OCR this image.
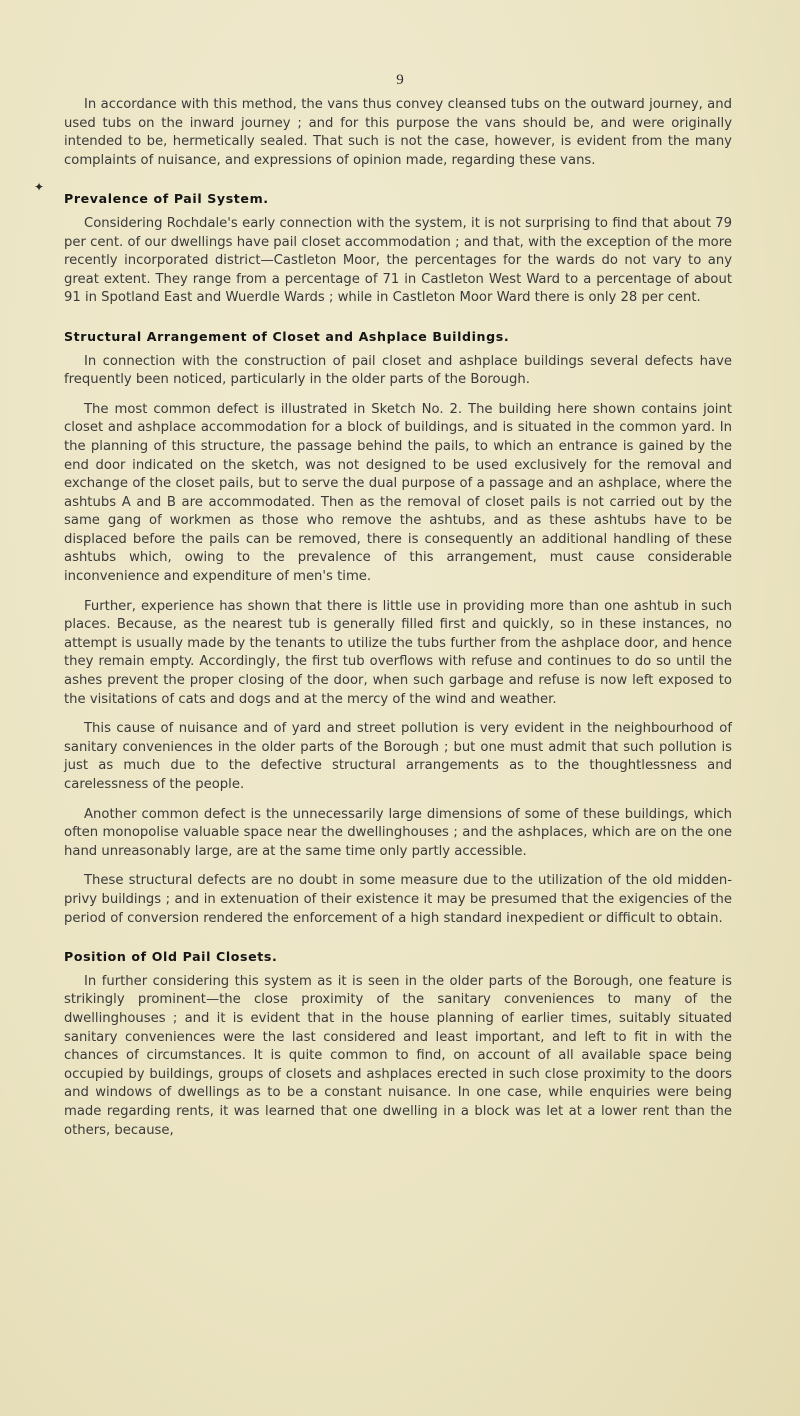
9
✦

In accordance with this method, the vans thus convey cleansed tubs on the outward journey, and used tubs on the inward journey ; and for this purpose the vans should be, and were originally intended to be, hermetically sealed. That such is not the case, however, is evident from the many complaints of nuisance, and expressions of opinion made, regarding these vans.

Prevalence of Pail System.

Considering Rochdale's early connection with the system, it is not surprising to find that about 79 per cent. of our dwellings have pail closet accommodation ; and that, with the exception of the more recently incorporated district—Castleton Moor, the percentages for the wards do not vary to any great extent. They range from a percentage of 71 in Castleton West Ward to a percentage of about 91 in Spotland East and Wuerdle Wards ; while in Castleton Moor Ward there is only 28 per cent.

Structural Arrangement of Closet and Ashplace Buildings.

In connection with the construction of pail closet and ashplace buildings several defects have frequently been noticed, particularly in the older parts of the Borough.

The most common defect is illustrated in Sketch No. 2. The building here shown contains joint closet and ashplace accommodation for a block of buildings, and is situated in the common yard. In the planning of this structure, the passage behind the pails, to which an entrance is gained by the end door indicated on the sketch, was not designed to be used exclusively for the removal and exchange of the closet pails, but to serve the dual purpose of a passage and an ashplace, where the ashtubs A and B are accommodated. Then as the removal of closet pails is not carried out by the same gang of workmen as those who remove the ashtubs, and as these ashtubs have to be displaced before the pails can be removed, there is consequently an additional handling of these ashtubs which, owing to the prevalence of this arrangement, must cause considerable inconvenience and expenditure of men's time.

Further, experience has shown that there is little use in providing more than one ashtub in such places. Because, as the nearest tub is generally filled first and quickly, so in these instances, no attempt is usually made by the tenants to utilize the tubs further from the ashplace door, and hence they remain empty. Accordingly, the first tub overflows with refuse and continues to do so until the ashes prevent the proper closing of the door, when such garbage and refuse is now left exposed to the visitations of cats and dogs and at the mercy of the wind and weather.

This cause of nuisance and of yard and street pollution is very evident in the neighbourhood of sanitary conveniences in the older parts of the Borough ; but one must admit that such pollution is just as much due to the defective structural arrangements as to the thoughtlessness and carelessness of the people.

Another common defect is the unnecessarily large dimensions of some of these buildings, which often monopolise valuable space near the dwellinghouses ; and the ashplaces, which are on the one hand unreasonably large, are at the same time only partly accessible.

These structural defects are no doubt in some measure due to the utilization of the old midden-privy buildings ; and in extenuation of their existence it may be presumed that the exigencies of the period of conversion rendered the enforcement of a high standard inexpedient or difficult to obtain.

Position of Old Pail Closets.

In further considering this system as it is seen in the older parts of the Borough, one feature is strikingly prominent—the close proximity of the sanitary conveniences to many of the dwellinghouses ; and it is evident that in the house planning of earlier times, suitably situated sanitary conveniences were the last considered and least important, and left to fit in with the chances of circumstances. It is quite common to find, on account of all available space being occupied by buildings, groups of closets and ashplaces erected in such close proximity to the doors and windows of dwellings as to be a constant nuisance. In one case, while enquiries were being made regarding rents, it was learned that one dwelling in a block was let at a lower rent than the others, because,
